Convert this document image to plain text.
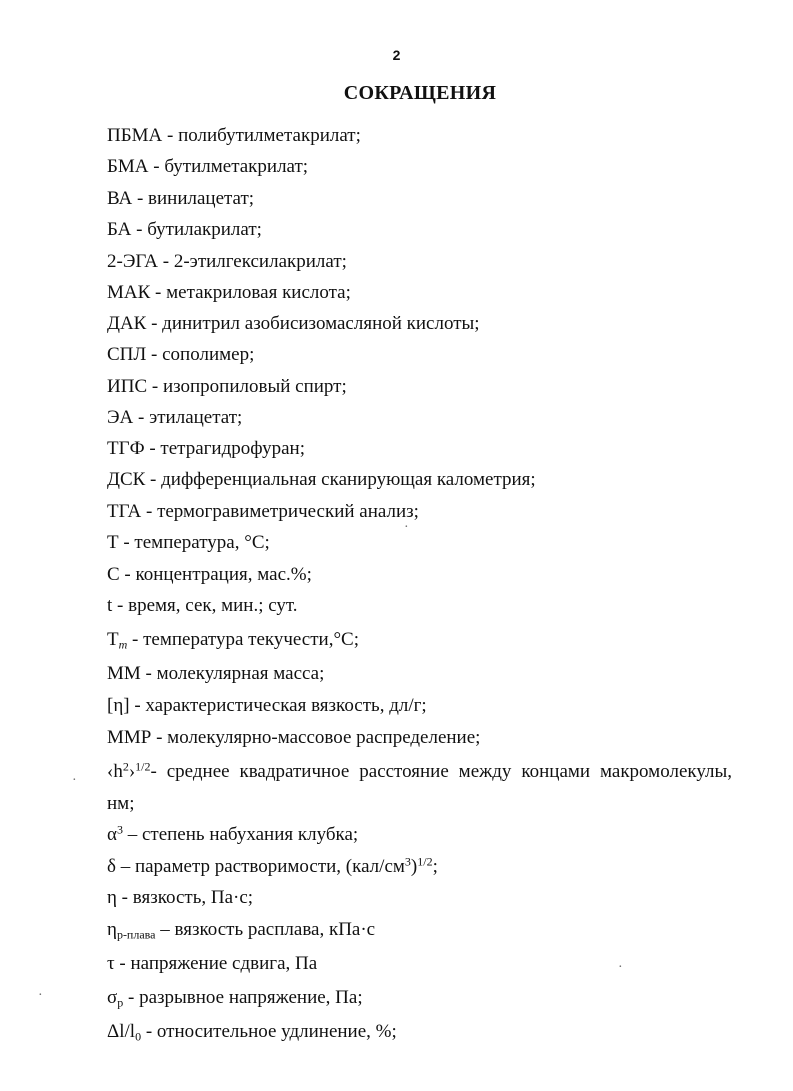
2
СОКРАЩЕНИЯ
ПБМА - полибутилметакрилат;
БМА - бутилметакрилат;
ВА - винилацетат;
БА - бутилакрилат;
2-ЭГА - 2-этилгексилакрилат;
МАК - метакриловая кислота;
ДАК - динитрил азобисизомасляной кислоты;
СПЛ - сополимер;
ИПС - изопропиловый спирт;
ЭА - этилацетат;
ТГФ - тетрагидрофуран;
ДСК - дифференциальная сканирующая калометрия;
ТГА - термогравиметрический анализ;
Т - температура, °С;
С - концентрация, мас.%;
t - время, сек, мин.; сут.
$Т_т$ - температура текучести,°С;
ММ - молекулярная масса;
[η] - характеристическая вязкость, дл/г;
ММР - молекулярно-массовое распределение;
$‹h^2›^{1/2}-$ среднее квадратичное расстояние между концами макромолекулы,
нм;
$\alpha^3$ – степень набухания клубка;
δ – параметр растворимости, $(кал/см^3)^{1/2}$;
η - вязкость, Па·с;
$\eta_{р-плава}$ – вязкость расплава, кПа·с
τ - напряжение сдвига, Па
$\sigma_р$ - разрывное напряжение, Па;
$\Delta l/l_0$ - относительное удлинение, %;
·
·
·
·
